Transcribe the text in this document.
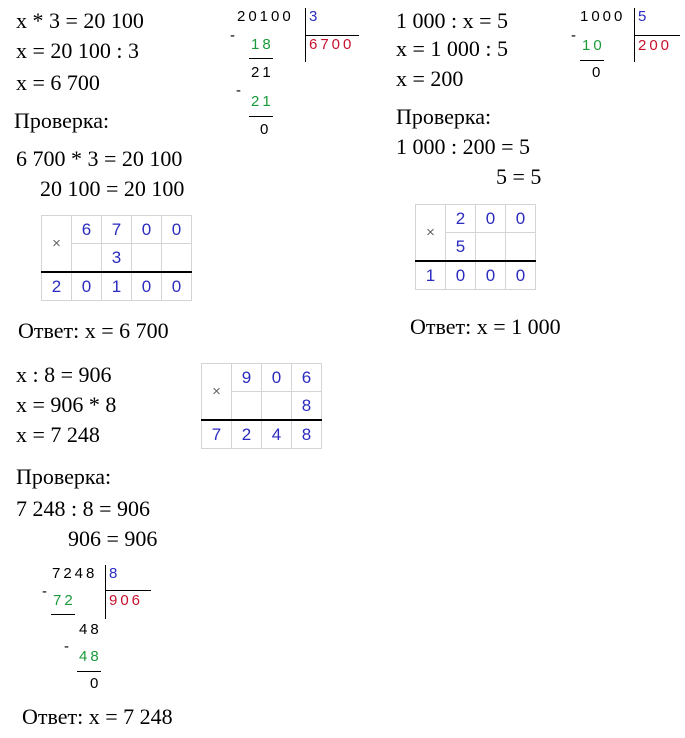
x * 3 = 20 100
x = 20 100 : 3
x = 6 700
Проверка:
6 700 * 3 = 20 100
20 100 = 20 100
×	6	7	0	0
		3		
2	0	1	0	0
Ответ: x = 6 700
20100 3
6700
-
18
21
-
21
0
1 000 : x = 5
x = 1 000 : 5
x = 200
Проверка:
1 000 : 200 = 5
5 = 5
1000 5
200
-
10
0
×	2	0	0
	5		
1	0	0	0
Ответ: x = 1 000
x : 8 = 906
x = 906 * 8
x = 7 248
×	9	0	6
			8
7	2	4	8
Проверка:
7 248 : 8 = 906
906 = 906
7248 8
906
-
72
48
-
48
0
Ответ: x = 7 248
